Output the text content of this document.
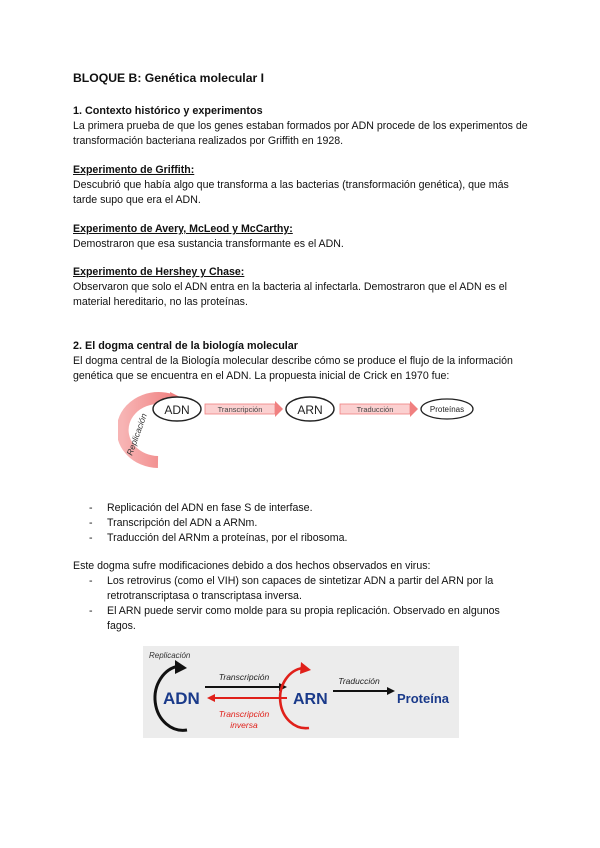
BLOQUE B: Genética molecular I
1. Contexto histórico y experimentos
La primera prueba de que los genes estaban formados por ADN procede de los experimentos de
transformación bacteriana realizados por Griffith en 1928.
Experimento de Griffith:
Descubrió que había algo que transforma a las bacterias (transformación genética), que más
tarde supo que era el ADN.
Experimento de Avery, McLeod y McCarthy:
Demostraron que esa sustancia transformante es el ADN.
Experimento de Hershey y Chase:
Observaron que solo el ADN entra en la bacteria al infectarla. Demostraron que el ADN es el
material hereditario, no las proteínas.
2. El dogma central de la biología molecular
El dogma central de la Biología molecular describe cómo se produce el flujo de la información
genética que se encuentra en el ADN. La propuesta inicial de Crick en 1970 fue:
Replicación
ADN	Transcripción	ARN	Traducción	Proteínas
- Replicación del ADN en fase S de interfase.
- Transcripción del ADN a ARNm.
- Traducción del ARNm a proteínas, por el ribosoma.
Este dogma sufre modificaciones debido a dos hechos observados en virus:
- Los retrovirus (como el VIH) son capaces de sintetizar ADN a partir del ARN por la
retrotranscriptasa o transcriptasa inversa.
- El ARN puede servir como molde para su propia replicación. Observado en algunos
fagos.
Replicación
ADN
Transcripción
Transcripción
inversa
ARN
Traducción
Proteína
